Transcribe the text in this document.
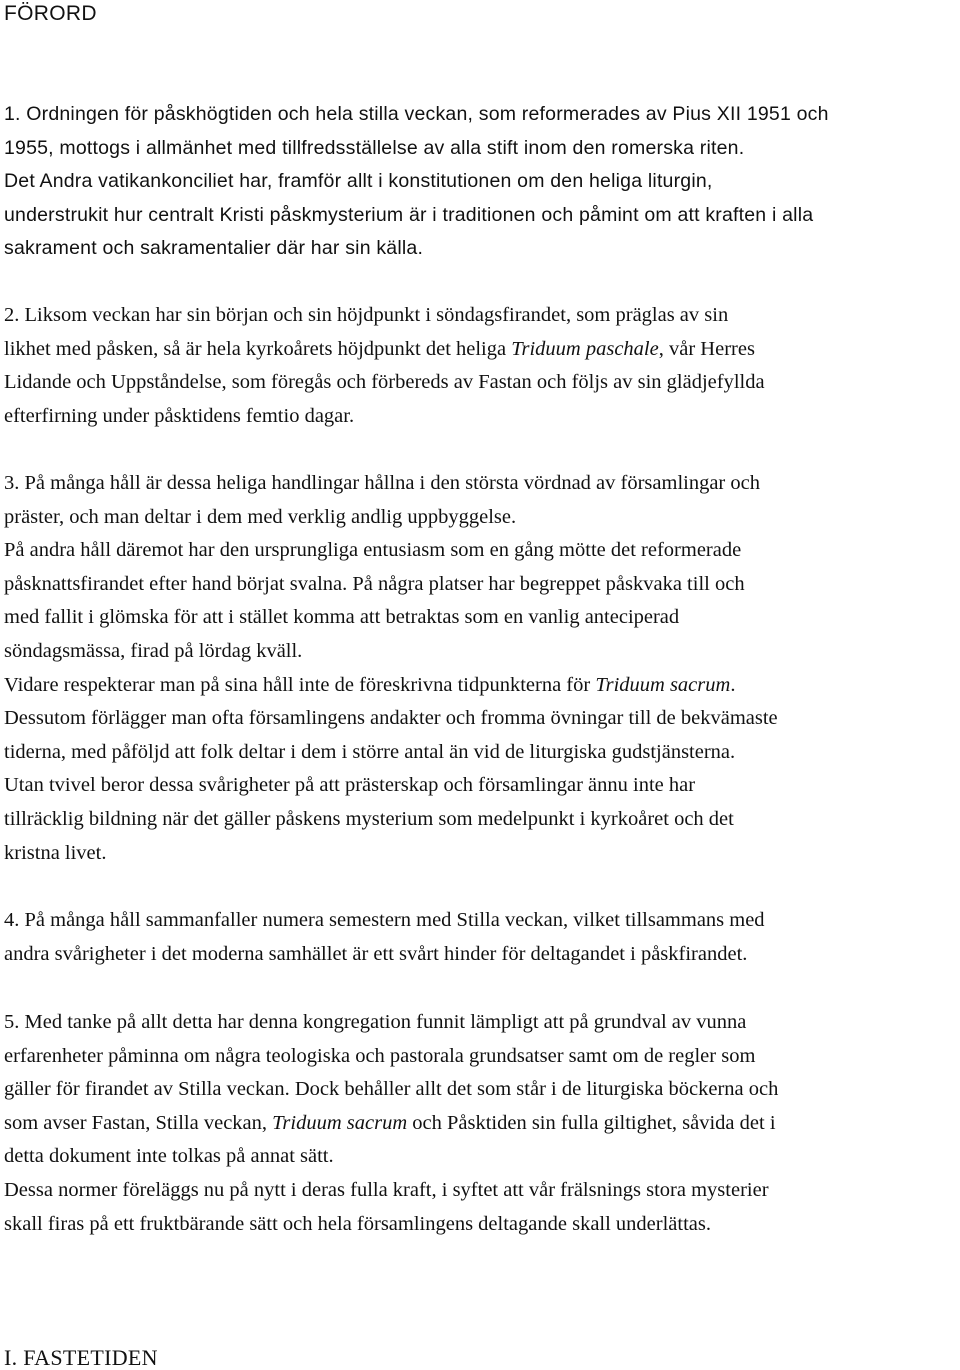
FÖRORD
1. Ordningen för påskhögtiden och hela stilla veckan, som reformerades av Pius XII 1951 och
1955, mottogs i allmänhet med tillfredsställelse av alla stift inom den romerska riten.
Det Andra vatikankonciliet har, framför allt i konstitutionen om den heliga liturgin,
understrukit hur centralt Kristi påskmysterium är i traditionen och påmint om att kraften i alla
sakrament och sakramentalier där har sin källa.
2. Liksom veckan har sin början och sin höjdpunkt i söndagsfirandet, som präglas av sin
likhet med påsken, så är hela kyrkoårets höjdpunkt det heliga Triduum paschale, vår Herres
Lidande och Uppståndelse, som föregås och förbereds av Fastan och följs av sin glädjefyllda
efterfirning under påsktidens femtio dagar.
3. På många håll är dessa heliga handlingar hållna i den största vördnad av församlingar och
präster, och man deltar i dem med verklig andlig uppbyggelse.
På andra håll däremot har den ursprungliga entusiasm som en gång mötte det reformerade
påsknattsfirandet efter hand börjat svalna. På några platser har begreppet påskvaka till och
med fallit i glömska för att i stället komma att betraktas som en vanlig anteciperad
söndagsmässa, firad på lördag kväll.
Vidare respekterar man på sina håll inte de föreskrivna tidpunkterna för Triduum sacrum.
Dessutom förlägger man ofta församlingens andakter och fromma övningar till de bekvämaste
tiderna, med påföljd att folk deltar i dem i större antal än vid de liturgiska gudstjänsterna.
Utan tvivel beror dessa svårigheter på att prästerskap och församlingar ännu inte har
tillräcklig bildning när det gäller påskens mysterium som medelpunkt i kyrkoåret och det
kristna livet.
4. På många håll sammanfaller numera semestern med Stilla veckan, vilket tillsammans med
andra svårigheter i det moderna samhället är ett svårt hinder för deltagandet i påskfirandet.
5. Med tanke på allt detta har denna kongregation funnit lämpligt att på grundval av vunna
erfarenheter påminna om några teologiska och pastorala grundsatser samt om de regler som
gäller för firandet av Stilla veckan. Dock behåller allt det som står i de liturgiska böckerna och
som avser Fastan, Stilla veckan, Triduum sacrum och Påsktiden sin fulla giltighet, såvida det i
detta dokument inte tolkas på annat sätt.
Dessa normer föreläggs nu på nytt i deras fulla kraft, i syftet att vår frälsnings stora mysterier
skall firas på ett fruktbärande sätt och hela församlingens deltagande skall underlättas.
I. FASTETIDEN
